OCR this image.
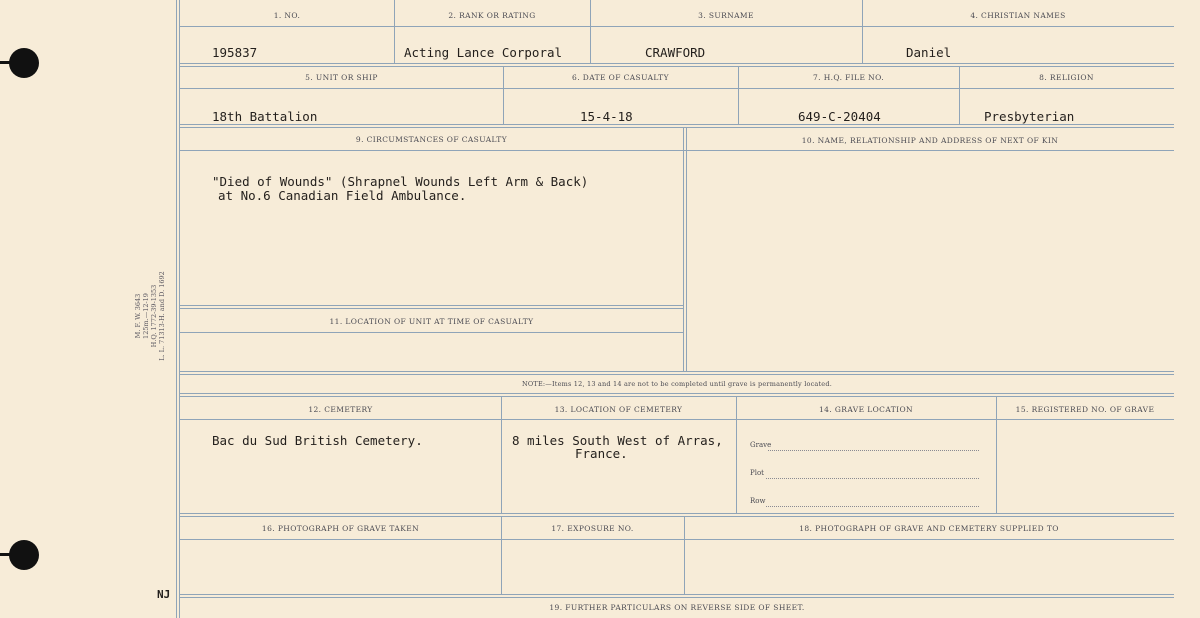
M. F. W. 3643 125m.—12-19 H.Q. 1772-39-1353 L. L. 71313-H. and D. 1692
1. NO.	2. RANK OR RATING	3. SURNAME	4. CHRISTIAN NAMES
195837	Acting Lance Corporal	CRAWFORD	Daniel
5. UNIT OR SHIP	6. DATE OF CASUALTY	7. H.Q. FILE NO.	8. RELIGION
18th Battalion	15-4-18	649-C-20404	Presbyterian
9. CIRCUMSTANCES OF CASUALTY	10. NAME, RELATIONSHIP AND ADDRESS OF NEXT OF KIN
"Died of Wounds" (Shrapnel Wounds Left Arm & Back)
at No.6 Canadian Field Ambulance.
11. LOCATION OF UNIT AT TIME OF CASUALTY
NOTE:—Items 12, 13 and 14 are not to be completed until grave is permanently located.
12. CEMETERY	13. LOCATION OF CEMETERY	14. GRAVE LOCATION	15. REGISTERED NO. OF GRAVE
Bac du Sud British Cemetery.	8 miles South West of Arras,
France.
Grave
Plot
Row
16. PHOTOGRAPH OF GRAVE TAKEN	17. EXPOSURE NO.	18. PHOTOGRAPH OF GRAVE AND CEMETERY SUPPLIED TO
19. FURTHER PARTICULARS ON REVERSE SIDE OF SHEET.
NJ
